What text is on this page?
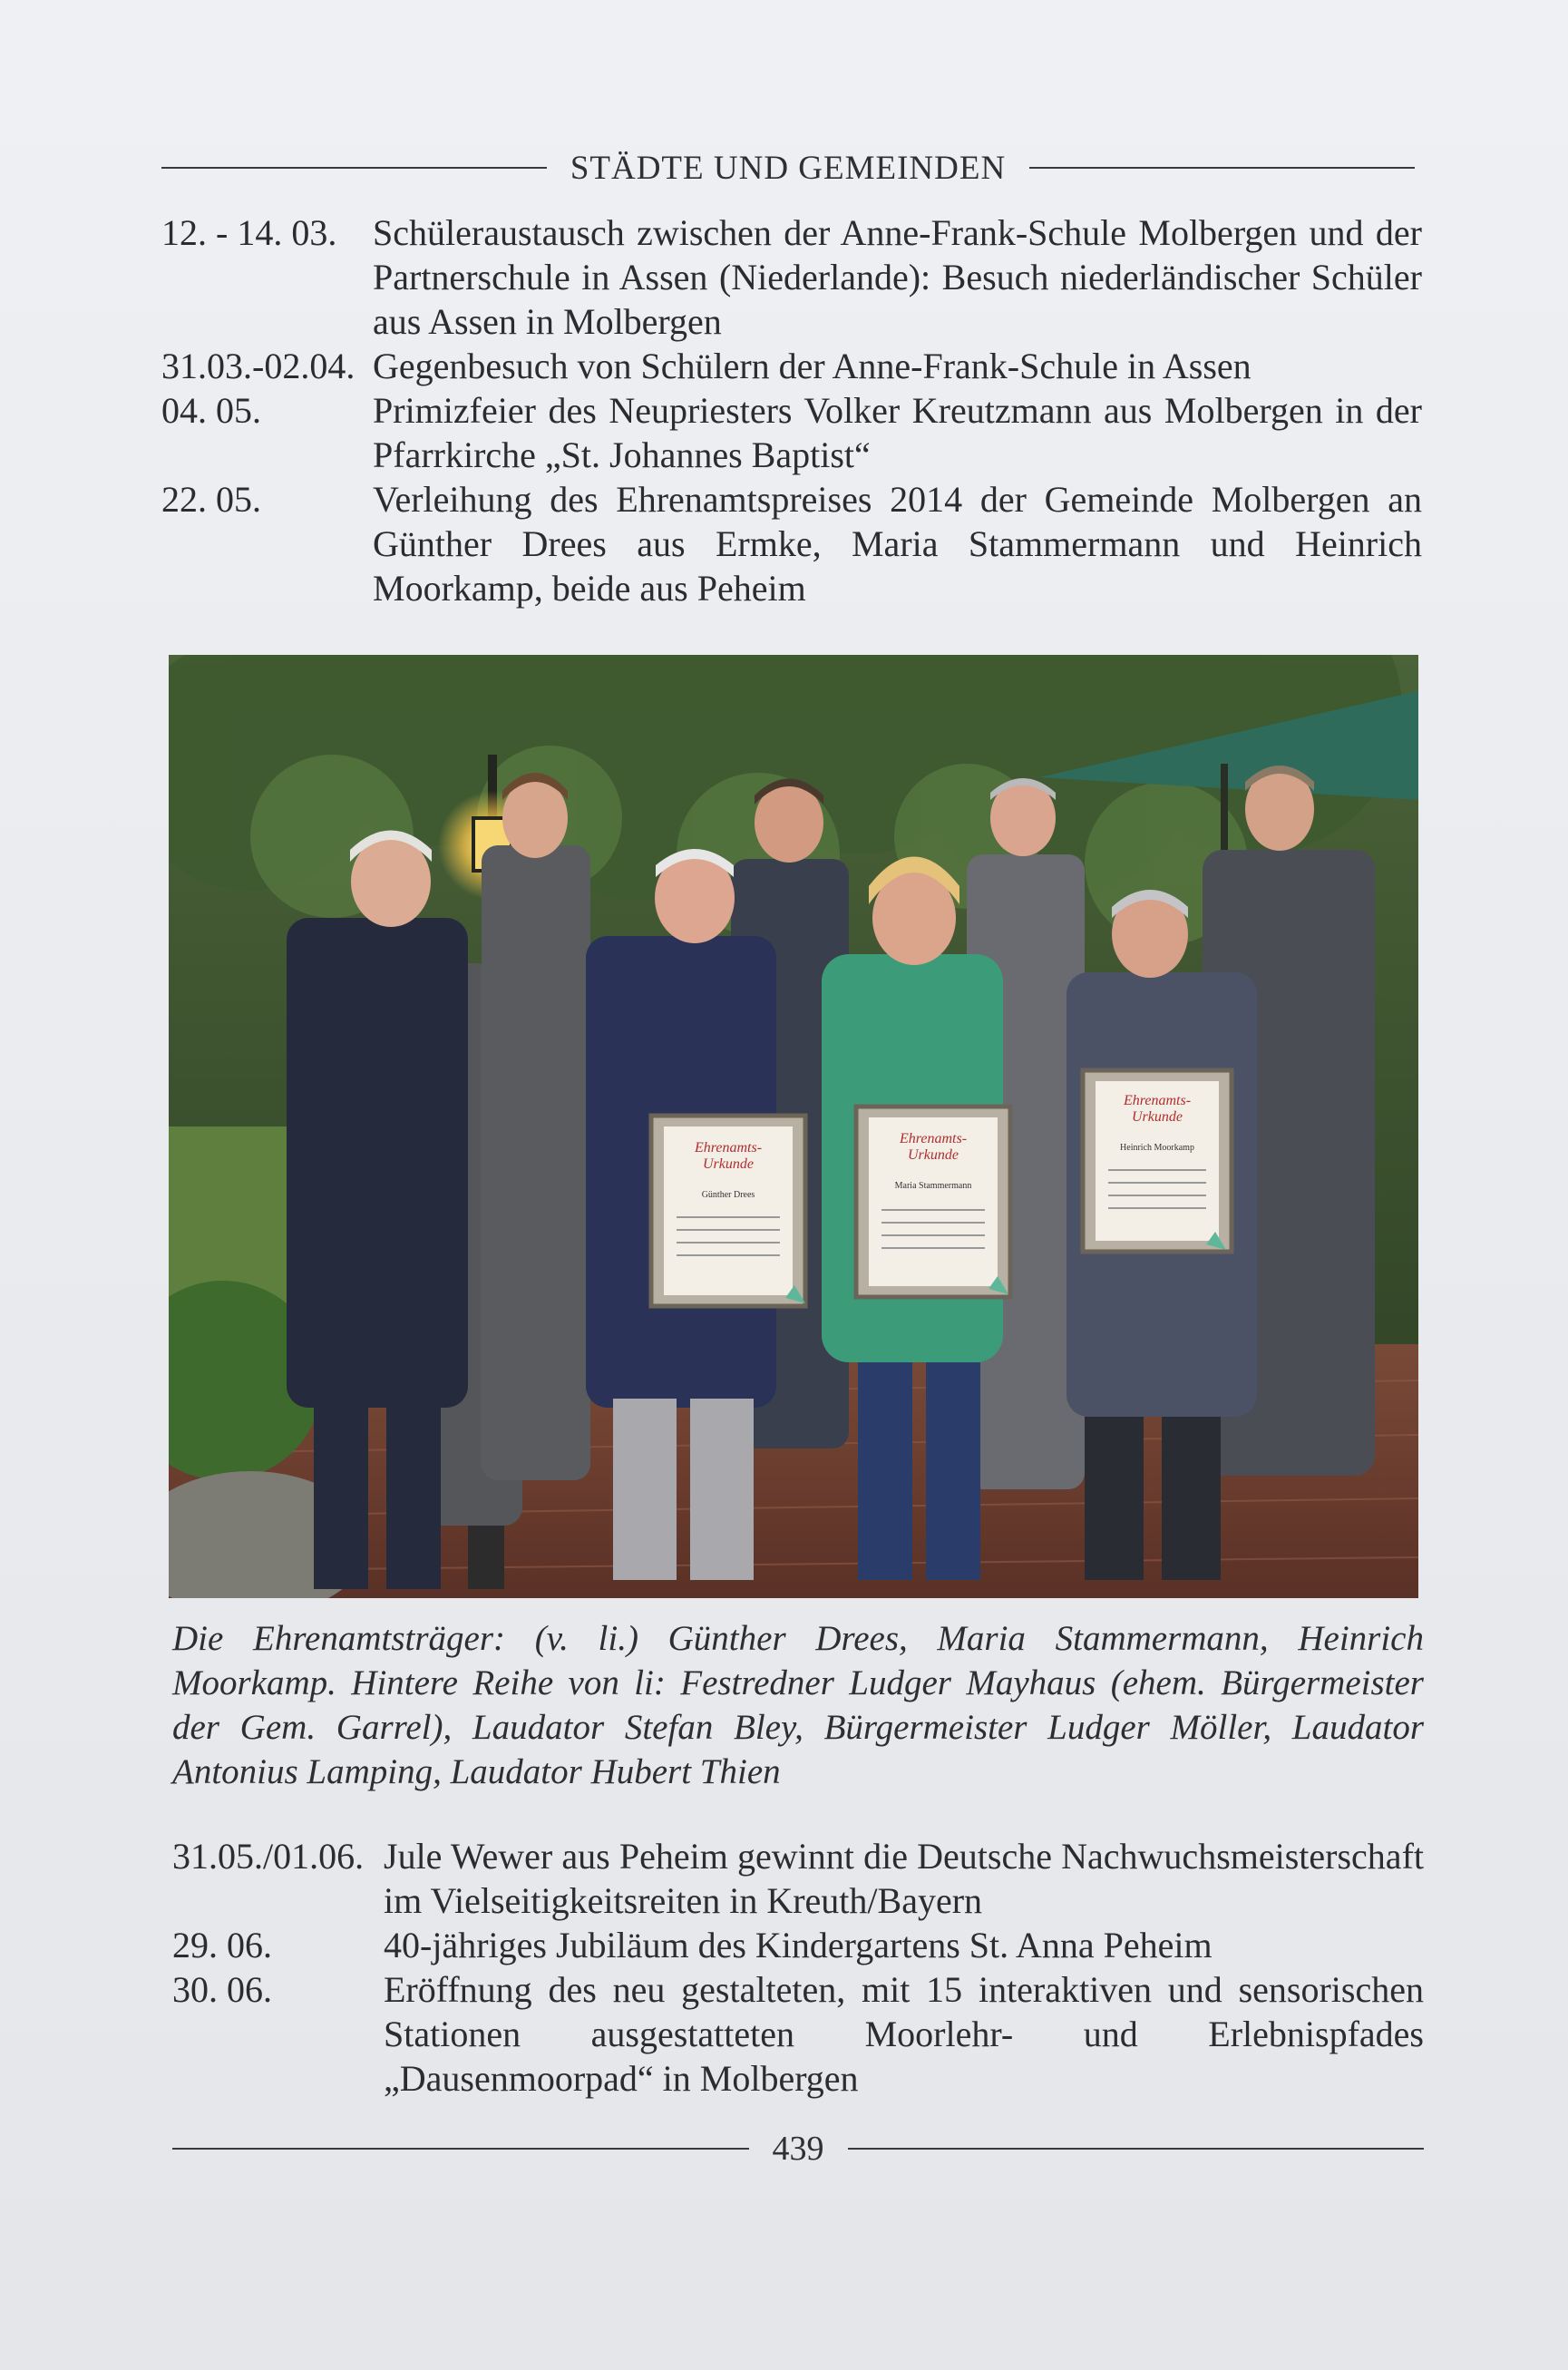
STÄDTE UND GEMEINDEN
12. - 14. 03. Schüleraustausch zwischen der Anne-Frank-Schule Molbergen und der Partnerschule in Assen (Niederlande): Besuch niederländischer Schüler aus Assen in Molbergen
31.03.-02.04. Gegenbesuch von Schülern der Anne-Frank-Schule in Assen
04. 05.	Primizfeier des Neupriesters Volker Kreutzmann aus Molbergen in der Pfarrkirche „St. Johannes Baptist“
22. 05.	Verleihung des Ehrenamtspreises 2014 der Gemeinde Molbergen an Günther Drees aus Ermke, Maria Stammermann und Heinrich Moorkamp, beide aus Peheim
Ehrenamts-
Urkunde
Günther Drees
Ehrenamts-
Urkunde
Maria Stammermann
Ehrenamts-
Urkunde
Heinrich Moorkamp
Die Ehrenamtsträger: (v. li.) Günther Drees, Maria Stammermann, Heinrich Moorkamp. Hintere Reihe von li: Festredner Ludger Mayhaus (ehem. Bürgermeister der Gem. Garrel), Laudator Stefan Bley, Bürgermeister Ludger Möller, Laudator Antonius Lamping, Laudator Hubert Thien
31.05./01.06. Jule Wewer aus Peheim gewinnt die Deutsche Nachwuchsmeisterschaft im Vielseitigkeitsreiten in Kreuth/Bayern
29. 06.	40-jähriges Jubiläum des Kindergartens St. Anna Peheim
30. 06.	Eröffnung des neu gestalteten, mit 15 interaktiven und sensorischen Stationen ausgestatteten Moorlehr- und Erlebnispfades „Dausenmoorpad“ in Molbergen
439
